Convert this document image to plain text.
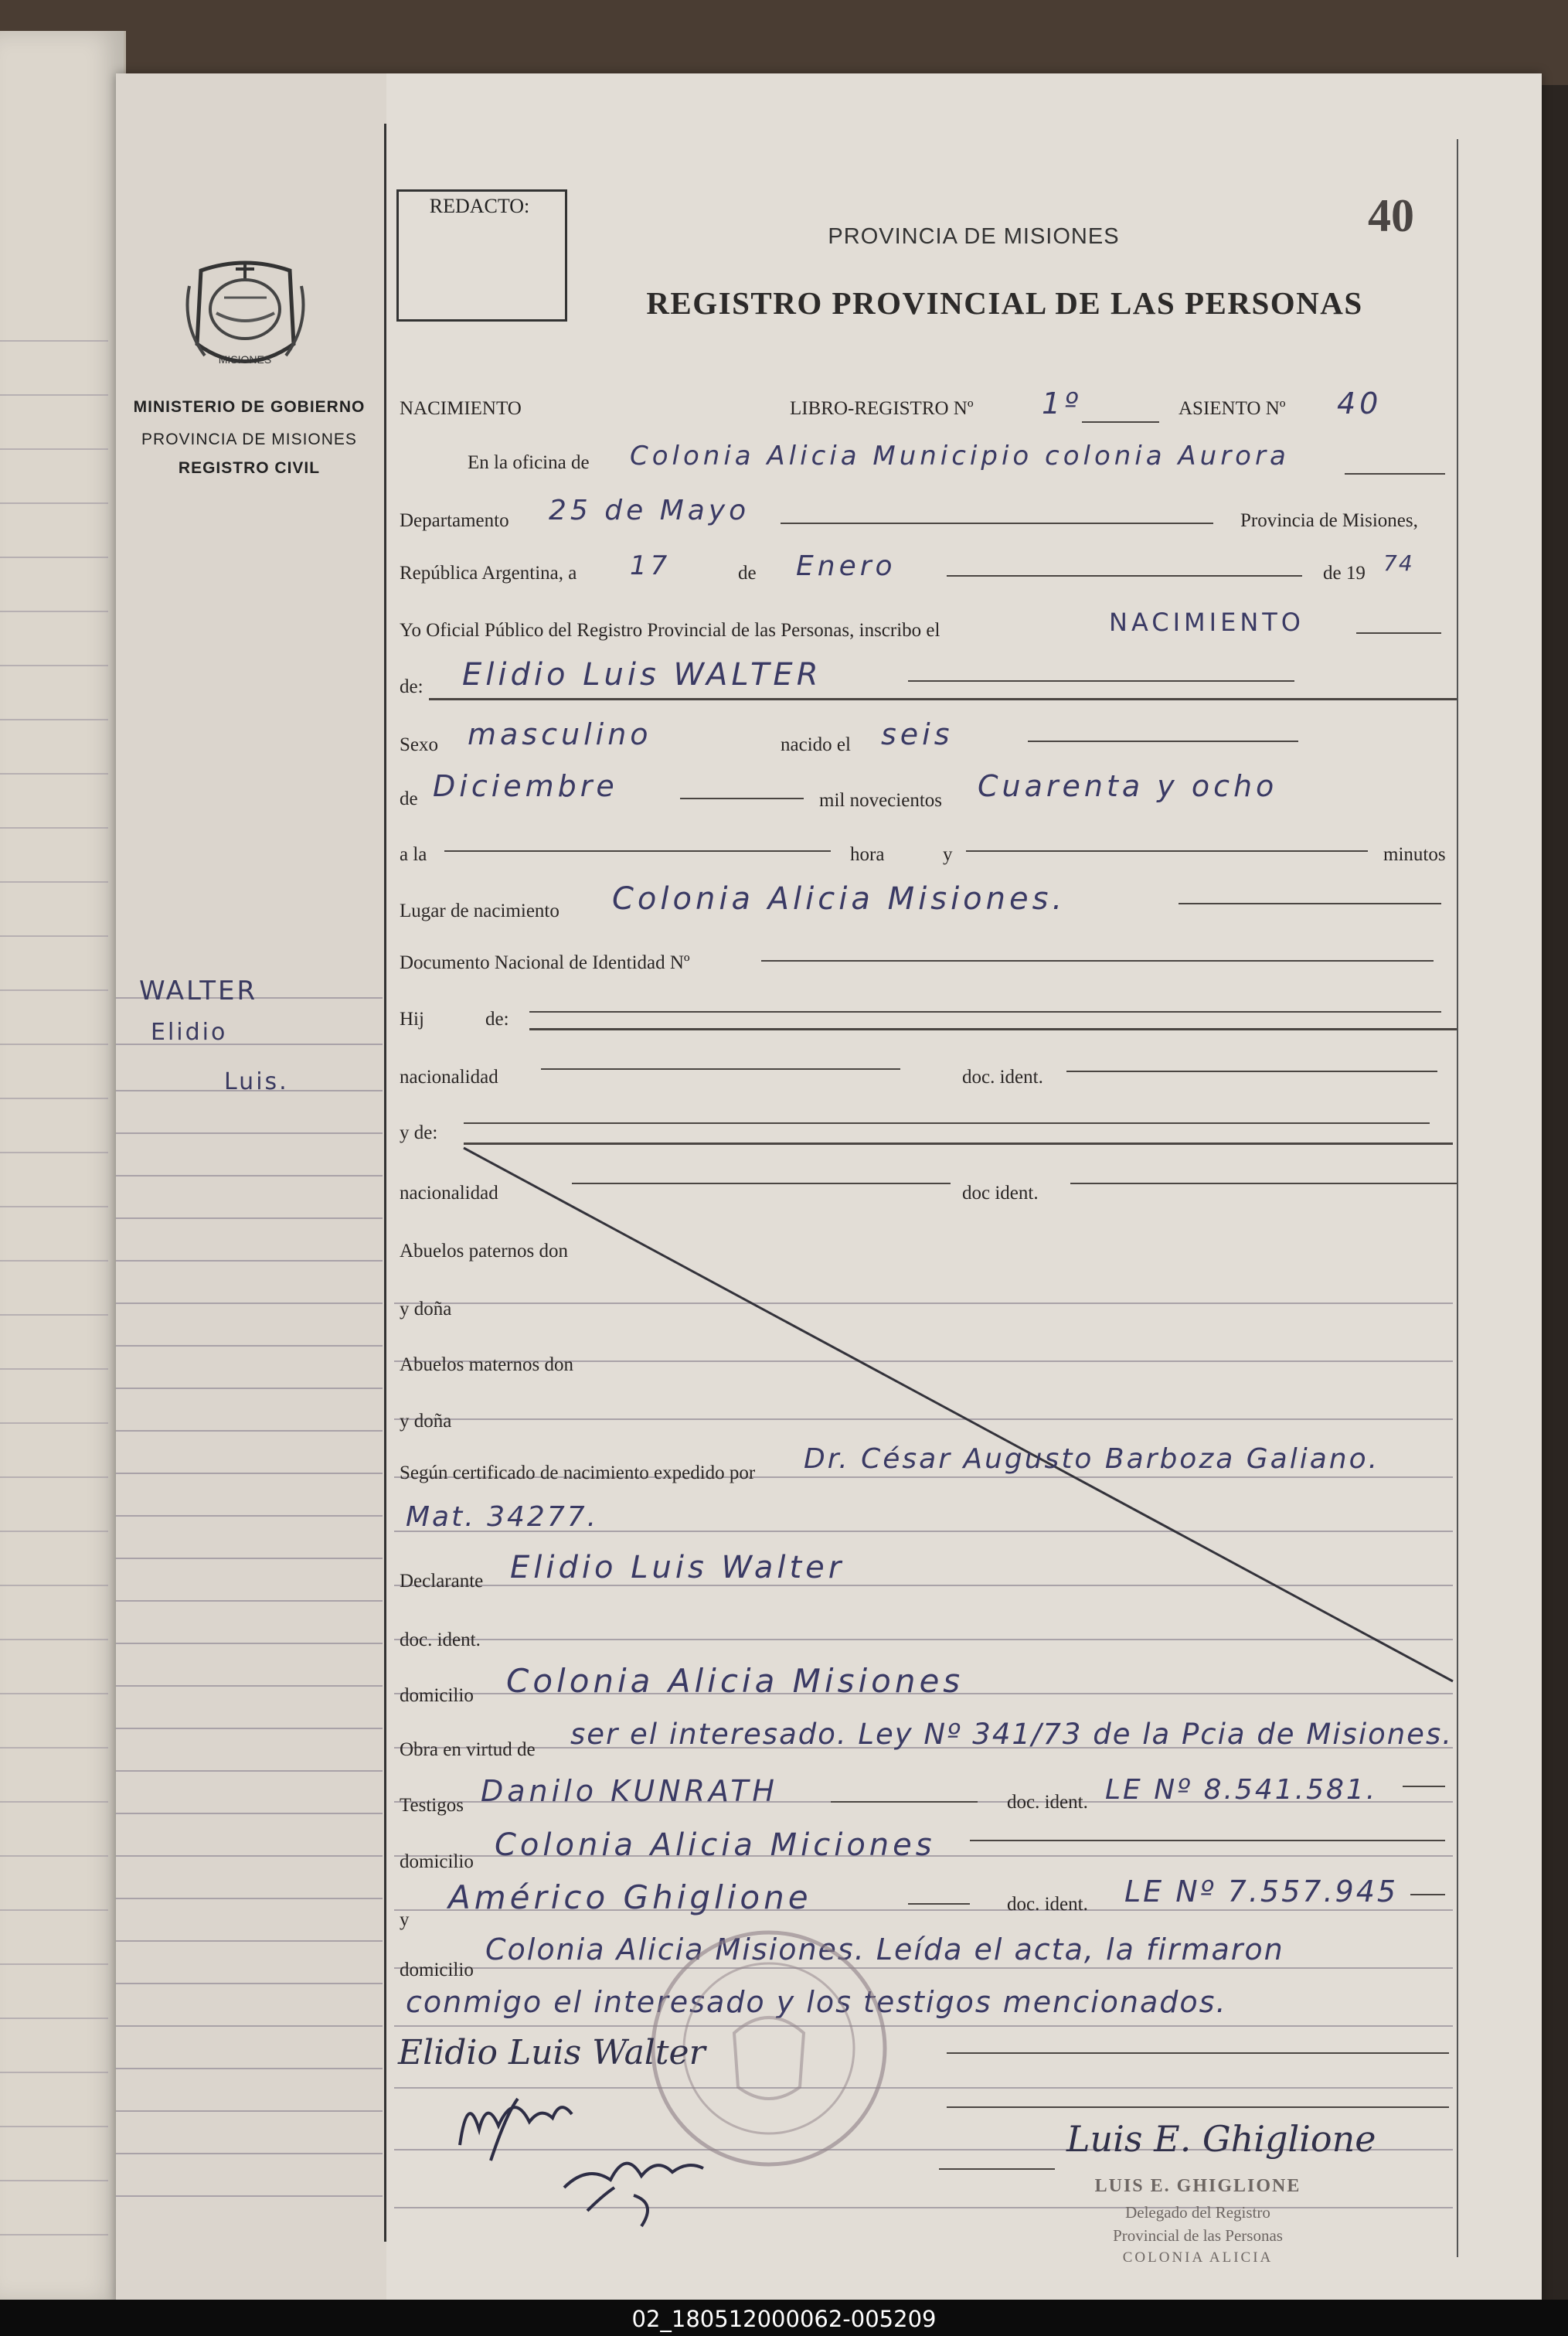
MISIONES
MINISTERIO DE GOBIERNO
PROVINCIA DE MISIONES
REGISTRO CIVIL
WALTER
Elidio
Luis.
REDACTO:	40
PROVINCIA DE MISIONES
REGISTRO PROVINCIAL DE LAS PERSONAS
NACIMIENTO	LIBRO-REGISTRO Nº 1º	ASIENTO Nº 40
En la oficina de Colonia Alicia Municipio colonia Aurora
Departamento 25 de Mayo	Provincia de Misiones,
República Argentina, a 17	de Enero	de 19 74
Yo Oficial Público del Registro Provincial de las Personas, inscribo el	NACIMIENTO
de: Elidio Luis WALTER
Sexo masculino	nacido el seis
de Diciembre	mil novecientos Cuarenta y ocho
a la	hora	y	minutos
Lugar de nacimiento Colonia Alicia Misiones.
Documento Nacional de Identidad Nº
Hij	de:
nacionalidad	doc. ident.
y de:
nacionalidad	doc ident.
Abuelos paternos don
y doña
Abuelos maternos don
y doña
Según certificado de nacimiento expedido por Dr. César Augusto Barboza Galiano.
Mat. 34277.
Declarante Elidio Luis Walter
doc. ident.
domicilio Colonia Alicia Misiones
Obra en virtud de ser el interesado. Ley Nº 341/73 de la Pcia de Misiones.
Testigos Danilo KUNRATH	doc. ident. LE Nº 8.541.581.
domicilio Colonia Alicia Miciones
y
Américo Ghiglione	doc. ident. LE Nº 7.557.945
domicilio
Colonia Alicia Misiones. Leída el acta, la firmaron
conmigo el interesado y los testigos mencionados.
Elidio Luis Walter
Luis E. Ghiglione
LUIS E. GHIGLIONE
Delegado del Registro
Provincial de las Personas
COLONIA ALICIA
02_180512000062-005209
